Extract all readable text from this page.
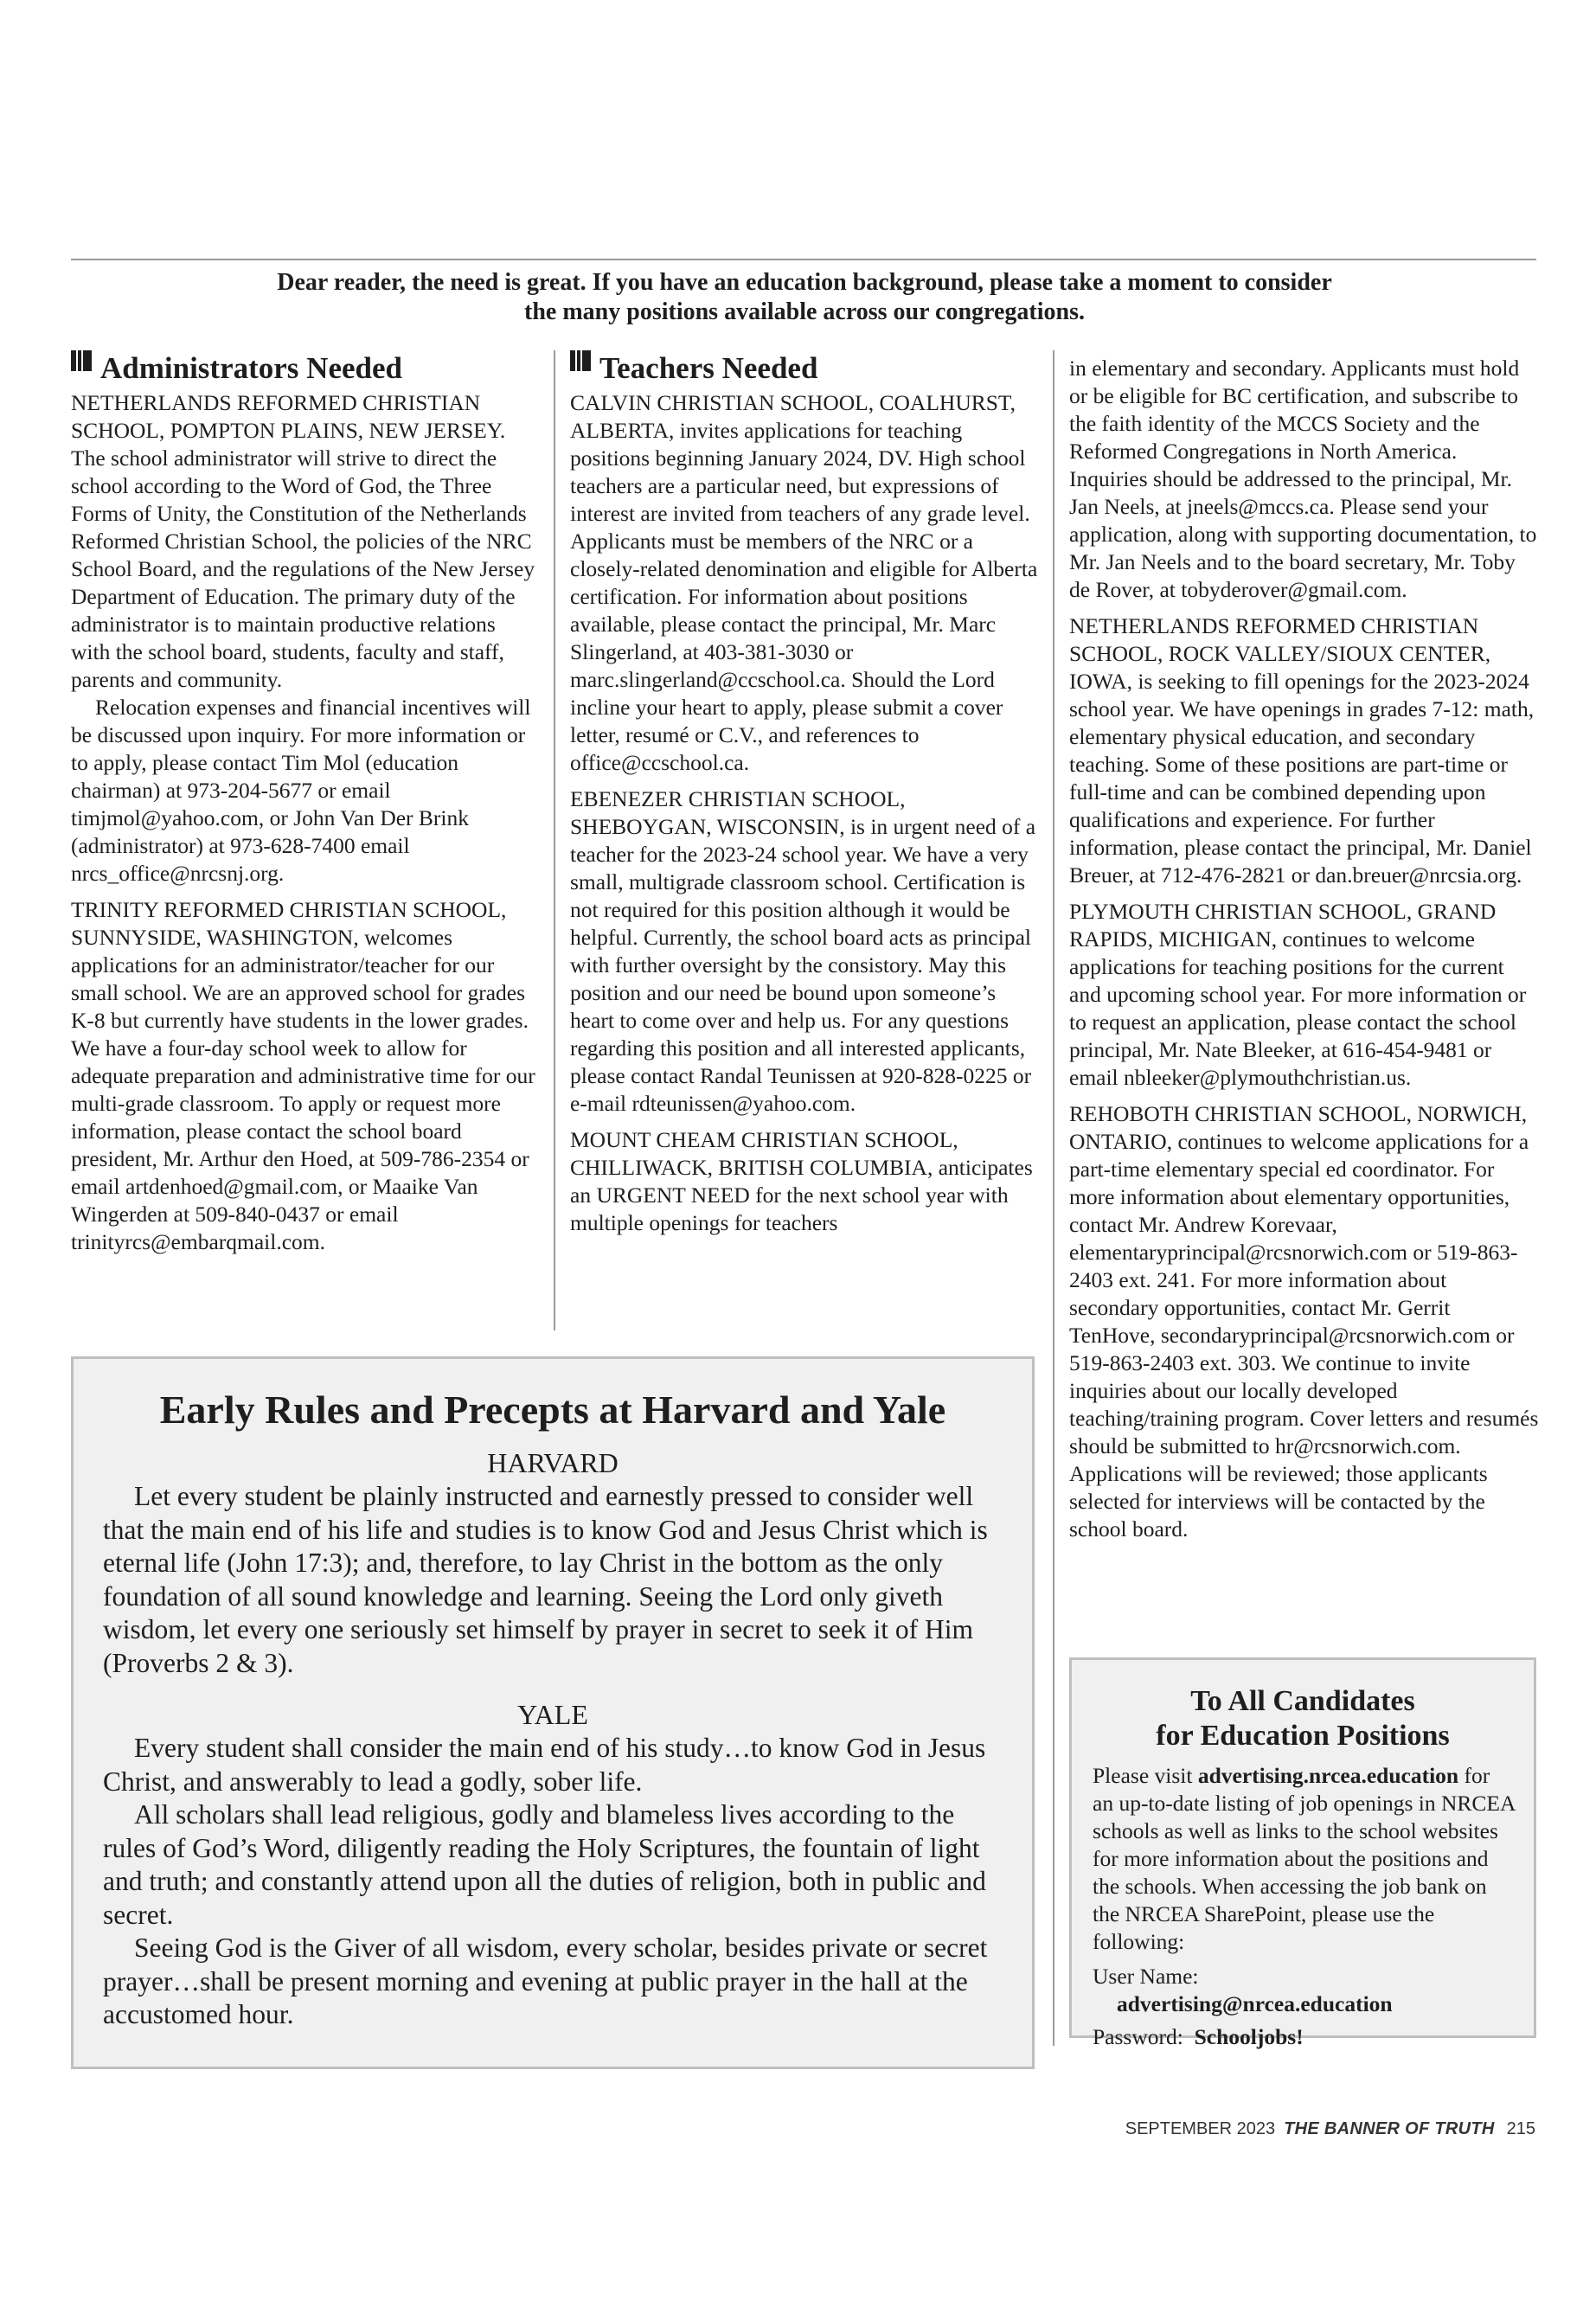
Dear reader, the need is great. If you have an education background, please take a moment to consider
the many positions available across our congregations.
Administrators Needed

NETHERLANDS REFORMED CHRISTIAN SCHOOL, POMPTON PLAINS, NEW JERSEY. The school administrator will strive to direct the school according to the Word of God, the Three Forms of Unity, the Constitution of the Netherlands Reformed Christian School, the policies of the NRC School Board, and the regulations of the New Jersey Department of Education. The primary duty of the administrator is to maintain productive relations with the school board, students, faculty and staff, parents and community.

Relocation expenses and financial incentives will be discussed upon inquiry. For more information or to apply, please contact Tim Mol (education chairman) at 973-204-5677 or email timjmol@yahoo.com, or John Van Der Brink (administrator) at 973-628-7400 email nrcs_office@nrcsnj.org.

TRINITY REFORMED CHRISTIAN SCHOOL, SUNNYSIDE, WASHINGTON, welcomes applications for an administrator/teacher for our small school. We are an approved school for grades K-8 but currently have students in the lower grades. We have a four-day school week to allow for adequate preparation and administrative time for our multi-grade classroom. To apply or request more information, please contact the school board president, Mr. Arthur den Hoed, at 509-786-2354 or email artdenhoed@gmail.com, or Maaike Van Wingerden at 509-840-0437 or email trinityrcs@embarqmail.com.

Teachers Needed

CALVIN CHRISTIAN SCHOOL, COALHURST, ALBERTA, invites applications for teaching positions beginning January 2024, DV. High school teachers are a particular need, but expressions of interest are invited from teachers of any grade level. Applicants must be members of the NRC or a closely-related denomination and eligible for Alberta certification. For information about positions available, please contact the principal, Mr. Marc Slingerland, at 403-381-3030 or marc.slingerland@ccschool.ca. Should the Lord incline your heart to apply, please submit a cover letter, resumé or C.V., and references to office@ccschool.ca.

EBENEZER CHRISTIAN SCHOOL, SHEBOYGAN, WISCONSIN, is in urgent need of a teacher for the 2023-24 school year. We have a very small, multigrade classroom school. Certification is not required for this position although it would be helpful. Currently, the school board acts as principal with further oversight by the consistory. May this position and our need be bound upon someone’s heart to come over and help us. For any questions regarding this position and all interested applicants, please contact Randal Teunissen at 920-828-0225 or e-mail rdteunissen@yahoo.com.

MOUNT CHEAM CHRISTIAN SCHOOL, CHILLIWACK, BRITISH COLUMBIA, anticipates an URGENT NEED for the next school year with multiple openings for teachers

in elementary and secondary. Applicants must hold or be eligible for BC certification, and subscribe to the faith identity of the MCCS Society and the Reformed Congregations in North America. Inquiries should be addressed to the principal, Mr. Jan Neels, at jneels@mccs.ca. Please send your application, along with supporting documentation, to Mr. Jan Neels and to the board secretary, Mr. Toby de Rover, at tobyderover@gmail.com.

NETHERLANDS REFORMED CHRISTIAN SCHOOL, ROCK VALLEY/SIOUX CENTER, IOWA, is seeking to fill openings for the 2023-2024 school year. We have openings in grades 7-12: math, elementary physical education, and secondary teaching. Some of these positions are part-time or full-time and can be combined depending upon qualifications and experience. For further information, please contact the principal, Mr. Daniel Breuer, at 712-476-2821 or dan.breuer@nrcsia.org.

PLYMOUTH CHRISTIAN SCHOOL, GRAND RAPIDS, MICHIGAN, continues to welcome applications for teaching positions for the current and upcoming school year. For more information or to request an application, please contact the school principal, Mr. Nate Bleeker, at 616-454-9481 or email nbleeker@plymouthchristian.us.

REHOBOTH CHRISTIAN SCHOOL, NORWICH, ONTARIO, continues to welcome applications for a part-time elementary special ed coordinator. For more information about elementary opportunities, contact Mr. Andrew Korevaar, elementaryprincipal@rcsnorwich.com or 519-863-2403 ext. 241. For more information about secondary opportunities, contact Mr. Gerrit TenHove, secondaryprincipal@rcsnorwich.com or 519-863-2403 ext. 303. We continue to invite inquiries about our locally developed teaching/training program. Cover letters and resumés should be submitted to hr@rcsnorwich.com. Applications will be reviewed; those applicants selected for interviews will be contacted by the school board.

Early Rules and Precepts at Harvard and Yale
HARVARD

Let every student be plainly instructed and earnestly pressed to consider well that the main end of his life and studies is to know God and Jesus Christ which is eternal life (John 17:3); and, therefore, to lay Christ in the bottom as the only foundation of all sound knowledge and learning. Seeing the Lord only giveth wisdom, let every one seriously set himself by prayer in secret to seek it of Him (Proverbs 2 & 3).

YALE

Every student shall consider the main end of his study…to know God in Jesus Christ, and answerably to lead a godly, sober life.

All scholars shall lead religious, godly and blameless lives according to the rules of God’s Word, diligently reading the Holy Scriptures, the fountain of light and truth; and constantly attend upon all the duties of religion, both in public and secret.

Seeing God is the Giver of all wisdom, every scholar, besides private or secret prayer…shall be present morning and evening at public prayer in the hall at the accustomed hour.

To All Candidates
for Education Positions

Please visit advertising.nrcea.education for an up-to-date listing of job openings in NRCEA schools as well as links to the school websites for more information about the positions and the schools. When accessing the job bank on the NRCEA SharePoint, please use the following:

User Name:

advertising@nrcea.education

Password: Schooljobs!

SEPTEMBER 2023 THE BANNER OF TRUTH 215
